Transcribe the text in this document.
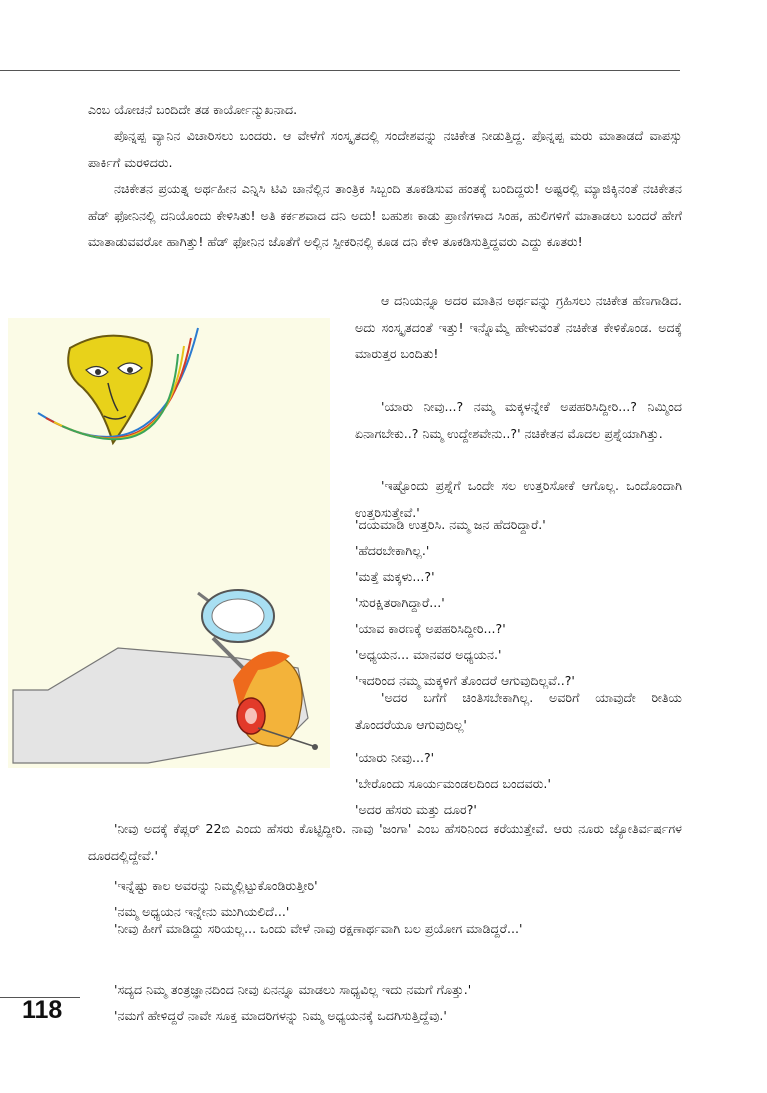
ಎಂಬ ಯೋಚನೆ ಬಂದಿದೇ ತಡ ಕಾರ್ಯೋನ್ಮುಖನಾದ.

ಪೊನ್ನಪ್ಪ ವ್ಯಾನಿನ ವಿಚಾರಿಸಲು ಬಂದರು. ಆ ವೇಳೆಗೆ ಸಂಸ್ಕೃತದಲ್ಲಿ ಸಂದೇಶವನ್ನು ನಚಿಕೇತ ನೀಡುತ್ತಿದ್ದ. ಪೊನ್ನಪ್ಪ ಮರು ಮಾತಾಡದೆ ವಾಪಸ್ಸು ಪಾರ್ಕಿಗೆ ಮರಳಿದರು.

ನಚಿಕೇತನ ಪ್ರಯತ್ನ ಅರ್ಥಹೀನ ಎನ್ನಿಸಿ ಟಿವಿ ಚಾನೆಲ್ಲಿನ ತಾಂತ್ರಿಕ ಸಿಬ್ಬಂದಿ ತೂಕಡಿಸುವ ಹಂತಕ್ಕೆ ಬಂದಿದ್ದರು! ಅಷ್ಟರಲ್ಲಿ ಮ್ಯಾಜಿಕ್ಕಿನಂತೆ ನಚಿಕೇತನ ಹೆಡ್ ಫೋನಿನಲ್ಲಿ ದನಿಯೊಂದು ಕೇಳಿಸಿತು! ಅತಿ ಕರ್ಕಶವಾದ ದನಿ ಅದು! ಬಹುಶಃ ಕಾಡು ಪ್ರಾಣಿಗಳಾದ ಸಿಂಹ, ಹುಲಿಗಳಿಗೆ ಮಾತಾಡಲು ಬಂದರೆ ಹೇಗೆ ಮಾತಾಡುವವರೋ ಹಾಗಿತ್ತು! ಹೆಡ್ ಫೋನಿನ ಜೊತೆಗೆ ಅಲ್ಲಿನ ಸ್ಪೀಕರಿನಲ್ಲಿ ಕೂಡ ದನಿ ಕೇಳಿ ತೂಕಡಿಸುತ್ತಿದ್ದವರು ಎದ್ದು ಕೂತರು!

ಆ ದನಿಯನ್ನೂ ಅದರ ಮಾತಿನ ಅರ್ಥವನ್ನು ಗ್ರಹಿಸಲು ನಚಿಕೇತ ಹೆಣಗಾಡಿದ. ಅದು ಸಂಸ್ಕೃತದಂತೆ ಇತ್ತು! ಇನ್ನೊಮ್ಮೆ ಹೇಳುವಂತೆ ನಚಿಕೇತ ಕೇಳಿಕೊಂಡ. ಅದಕ್ಕೆ ಮಾರುತ್ತರ ಬಂದಿತು!

'ಯಾರು ನೀವು...? ನಮ್ಮ ಮಕ್ಕಳನ್ನೇಕೆ ಅಪಹರಿಸಿದ್ದೀರಿ...? ನಿಮ್ಮಿಂದ ಏನಾಗಬೇಕು..? ನಿಮ್ಮ ಉದ್ದೇಶವೇನು..?' ನಚಿಕೇತನ ಮೊದಲ ಪ್ರಶ್ನೆಯಾಗಿತ್ತು.

'ಇಷ್ಟೊಂದು ಪ್ರಶ್ನೆಗೆ ಒಂದೇ ಸಲ ಉತ್ತರಿಸೋಕೆ ಆಗೊಲ್ಲ. ಒಂದೊಂದಾಗಿ ಉತ್ತರಿಸುತ್ತೇವೆ.'

'ದಯಮಾಡಿ ಉತ್ತರಿಸಿ. ನಮ್ಮ ಜನ ಹೆದರಿದ್ದಾರೆ.'

'ಹೆದರಬೇಕಾಗಿಲ್ಲ.'

'ಮತ್ತೆ ಮಕ್ಕಳು...?'

'ಸುರಕ್ಷಿತರಾಗಿದ್ದಾರೆ...'

'ಯಾವ ಕಾರಣಕ್ಕೆ ಅಪಹರಿಸಿದ್ದೀರಿ...?'

'ಅಧ್ಯಯನ... ಮಾನವರ ಅಧ್ಯಯನ.'

'ಇದರಿಂದ ನಮ್ಮ ಮಕ್ಕಳಿಗೆ ತೊಂದರೆ ಆಗುವುದಿಲ್ಲವೆ..?'

'ಅದರ ಬಗೆಗೆ ಚಿಂತಿಸಬೇಕಾಗಿಲ್ಲ. ಅವರಿಗೆ ಯಾವುದೇ ರೀತಿಯ ತೊಂದರೆಯೂ ಆಗುವುದಿಲ್ಲ'

'ಯಾರು ನೀವು...?'

'ಬೇರೊಂದು ಸೂರ್ಯಮಂಡಲದಿಂದ ಬಂದವರು.'

'ಅದರ ಹೆಸರು ಮತ್ತು ದೂರ?'

'ನೀವು ಅದಕ್ಕೆ ಕೆಪ್ಲರ್ 22ಬಿ ಎಂದು ಹೆಸರು ಕೊಟ್ಟಿದ್ದೀರಿ. ನಾವು 'ಜಂಗಾ' ಎಂಬ ಹೆಸರಿನಿಂದ ಕರೆಯುತ್ತೇವೆ. ಆರು ನೂರು ಜ್ಯೋತಿರ್ವರ್ಷಗಳ ದೂರದಲ್ಲಿದ್ದೇವೆ.'

'ಇನ್ನೆಷ್ಟು ಕಾಲ ಅವರನ್ನು ನಿಮ್ಮಲ್ಲಿಟ್ಟುಕೊಂಡಿರುತ್ತೀರಿ'

'ನಮ್ಮ ಅಧ್ಯಯನ ಇನ್ನೇನು ಮುಗಿಯಲಿದೆ...'

'ನೀವು ಹೀಗೆ ಮಾಡಿದ್ದು ಸರಿಯಲ್ಲ... ಒಂದು ವೇಳೆ ನಾವು ರಕ್ಷಣಾರ್ಥವಾಗಿ ಬಲ ಪ್ರಯೋಗ ಮಾಡಿದ್ದರೆ...'

'ಸದ್ಯದ ನಿಮ್ಮ ತಂತ್ರಜ್ಞಾನದಿಂದ ನೀವು ಏನನ್ನೂ ಮಾಡಲು ಸಾಧ್ಯವಿಲ್ಲ ಇದು ನಮಗೆ ಗೊತ್ತು.'

'ನಮಗೆ ಹೇಳಿದ್ದರೆ ನಾವೇ ಸೂಕ್ತ ಮಾದರಿಗಳನ್ನು ನಿಮ್ಮ ಅಧ್ಯಯನಕ್ಕೆ ಒದಗಿಸುತ್ತಿದ್ದೆವು.'

118
